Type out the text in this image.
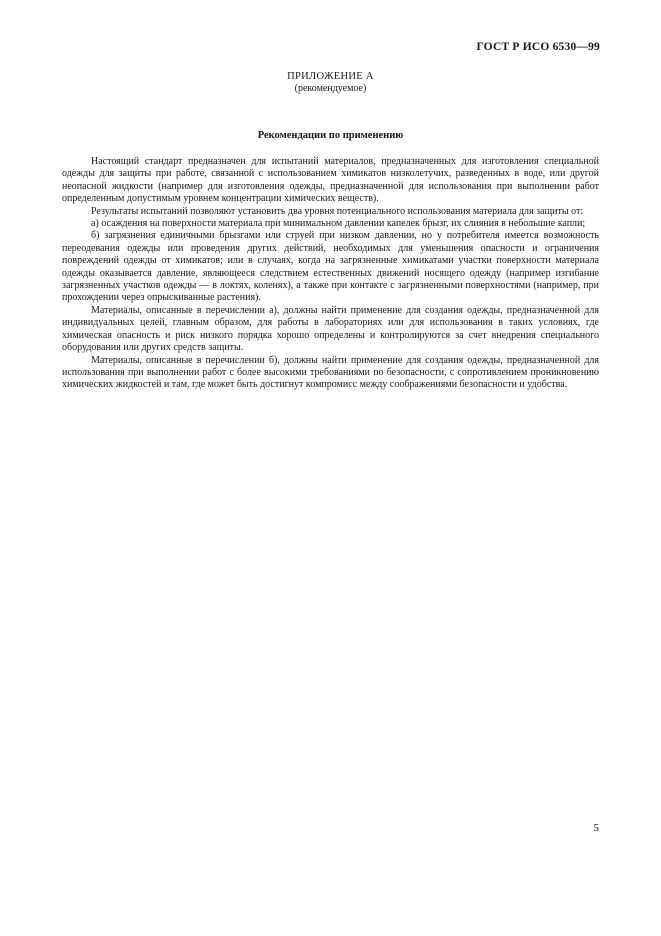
ГОСТ Р ИСО 6530—99
ПРИЛОЖЕНИЕ А
(рекомендуемое)
Рекомендации по применению

Настоящий стандарт предназначен для испытаний материалов, предназначенных для изготовления специальной одежды для защиты при работе, связанной с использованием химикатов низколетучих, разведенных в воде, или другой неопасной жидкости (например для изготовления одежды, предназначенной для использования при выполнении работ определенным допустимым уровнем концентрации химических веществ).

Результаты испытаний позволяют установить два уровня потенциального использования материала для защиты от:

а) осаждения на поверхности материала при минимальном давлении капелек брызг, их слияния в небольшие капли;

б) загрязнения единичными брызгами или струей при низком давлении, но у потребителя имеется возможность переодевания одежды или проведения других действий, необходимых для уменьшения опасности и ограничения повреждений одежды от химикатов; или в случаях, когда на загрязненные химикатами участки поверхности материала одежды оказывается давление, являющееся следствием естественных движений носящего одежду (например изгибание загрязненных участков одежды — в локтях, коленях), а также при контакте с загрязненными поверхностями (например, при прохождении через опрыскиванные растения).

Материалы, описанные в перечислении а), должны найти применение для создания одежды, предназначенной для индивидуальных целей, главным образом, для работы в лабораториях или для использования в таких условиях, где химическая опасность и риск низкого порядка хорошо определены и контролируются за счет внедрения специального оборудования или других средств защиты.

Материалы, описанные в перечислении б), должны найти применение для создания одежды, предназначенной для использования при выполнении работ с более высокими требованиями по безопасности, с сопротивлением проникновению химических жидкостей и там, где может быть достигнут компромисс между соображениями безопасности и удобства.

5
